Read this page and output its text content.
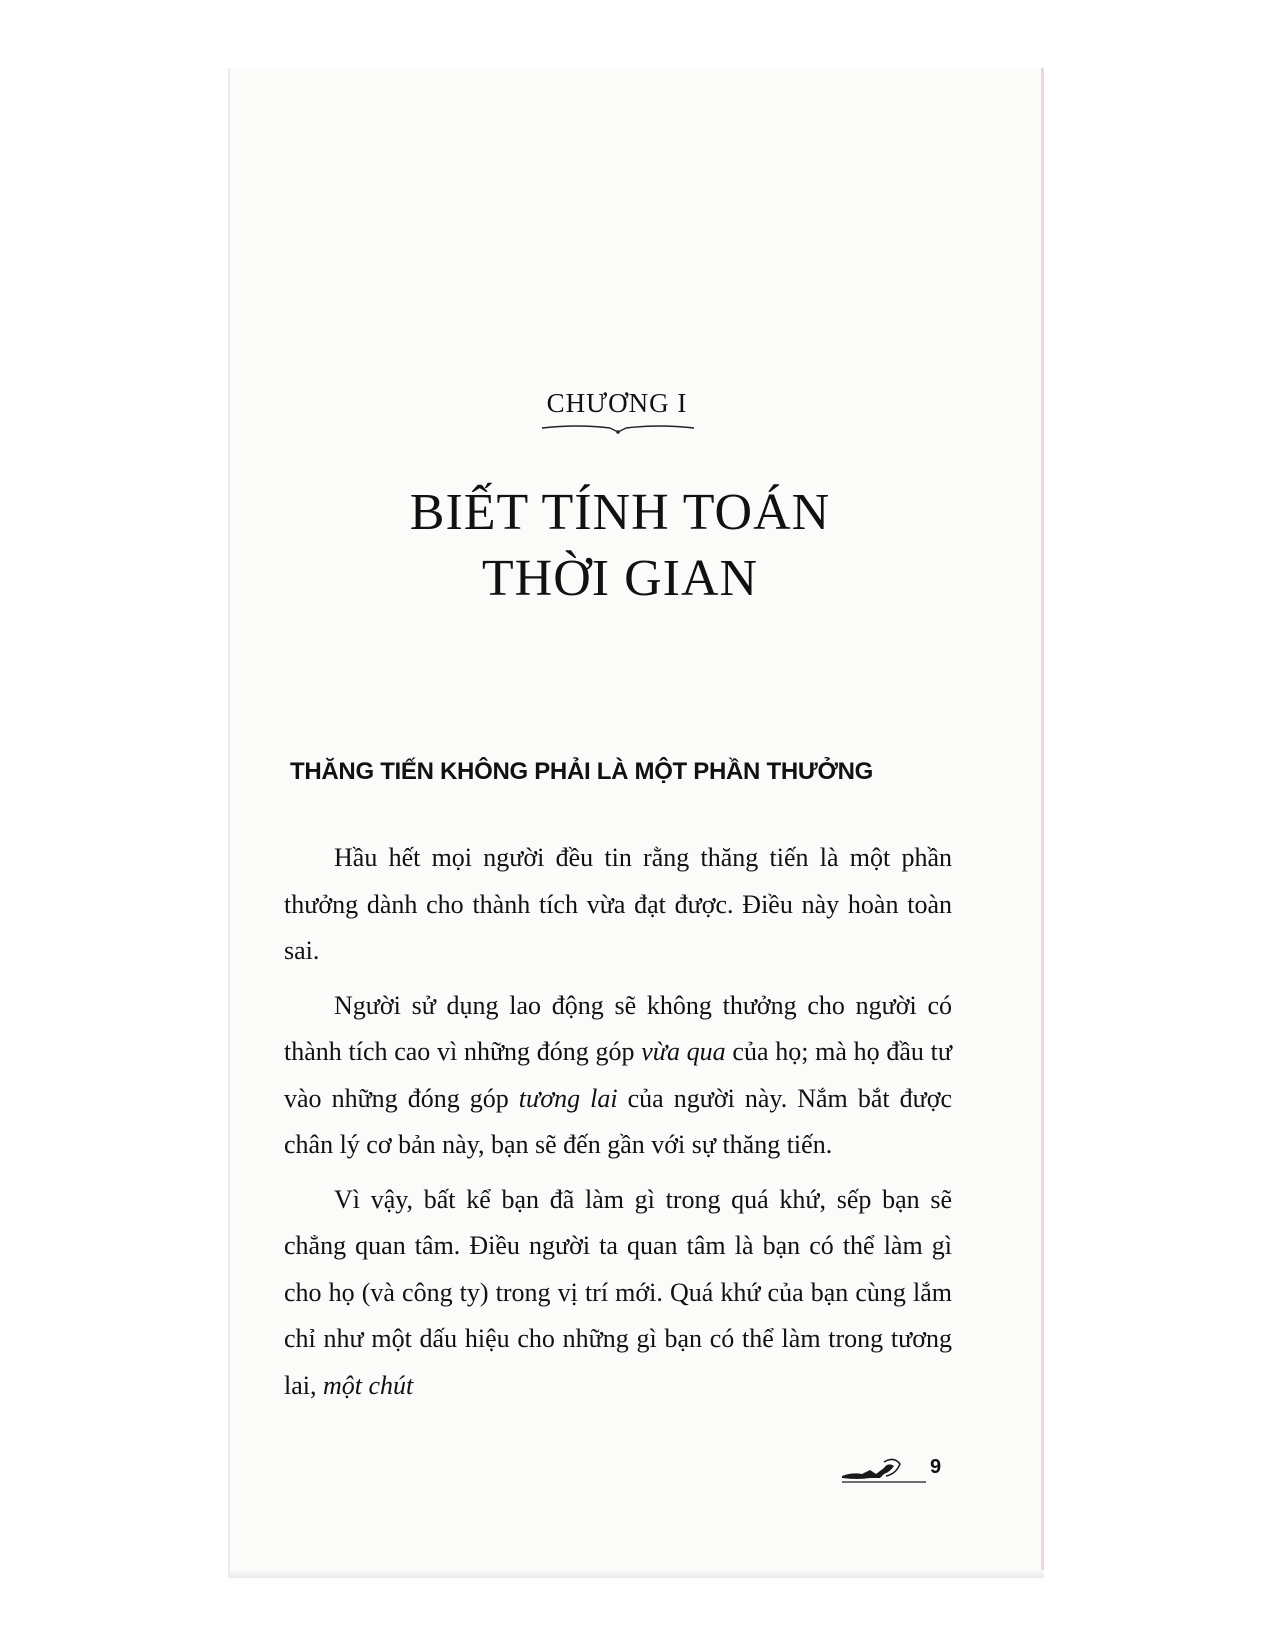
CHƯƠNG I
BIẾT TÍNH TOÁN
THỜI GIAN
THĂNG TIẾN KHÔNG PHẢI LÀ MỘT PHẦN THƯỞNG

Hầu hết mọi người đều tin rằng thăng tiến là một phần thưởng dành cho thành tích vừa đạt được. Điều này hoàn toàn sai.

Người sử dụng lao động sẽ không thưởng cho người có thành tích cao vì những đóng góp vừa qua của họ; mà họ đầu tư vào những đóng góp tương lai của người này. Nắm bắt được chân lý cơ bản này, bạn sẽ đến gần với sự thăng tiến.

Vì vậy, bất kể bạn đã làm gì trong quá khứ, sếp bạn sẽ chẳng quan tâm. Điều người ta quan tâm là bạn có thể làm gì cho họ (và công ty) trong vị trí mới. Quá khứ của bạn cùng lắm chỉ như một dấu hiệu cho những gì bạn có thể làm trong tương lai, một chút

9
